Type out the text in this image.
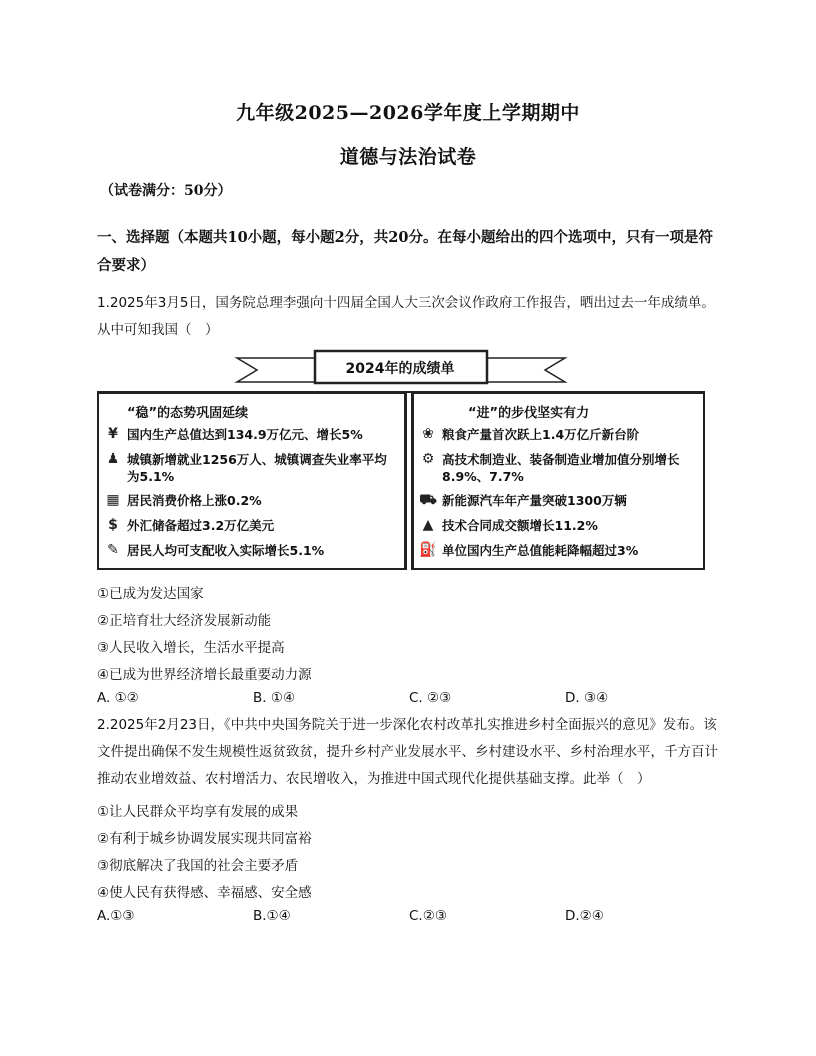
九年级2025—2026学年度上学期期中
道德与法治试卷
（试卷满分：50分）
一、选择题（本题共10小题，每小题2分，共20分。在每小题给出的四个选项中，只有一项是符合要求）
1.2025年3月5日，国务院总理李强向十四届全国人大三次会议作政府工作报告，晒出过去一年成绩单。从中可知我国（　）
2024年的成绩单
“稳”的态势巩固延续
¥ 国内生产总值达到134.9万亿元、增长5%
♟ 城镇新增就业1256万人、城镇调查失业率平均为5.1%
▦ 居民消费价格上涨0.2%
$ 外汇储备超过3.2万亿美元
✎ 居民人均可支配收入实际增长5.1%
“进”的步伐坚实有力
❀ 粮食产量首次跃上1.4万亿斤新台阶
⚙ 高技术制造业、装备制造业增加值分别增长8.9%、7.7%
⛟ 新能源汽车年产量突破1300万辆
▲ 技术合同成交额增长11.2%
⛽ 单位国内生产总值能耗降幅超过3%
①已成为发达国家
②正培育壮大经济发展新动能
③人民收入增长，生活水平提高
④已成为世界经济增长最重要动力源
A. ①②	B. ①④	C. ②③	D. ③④
2.2025年2月23日，《中共中央国务院关于进一步深化农村改革扎实推进乡村全面振兴的意见》发布。该文件提出确保不发生规模性返贫致贫，提升乡村产业发展水平、乡村建设水平、乡村治理水平，千方百计推动农业增效益、农村增活力、农民增收入，为推进中国式现代化提供基础支撑。此举（　）
①让人民群众平均享有发展的成果
②有利于城乡协调发展实现共同富裕
③彻底解决了我国的社会主要矛盾
④使人民有获得感、幸福感、安全感
A.①③	B.①④	C.②③	D.②④
